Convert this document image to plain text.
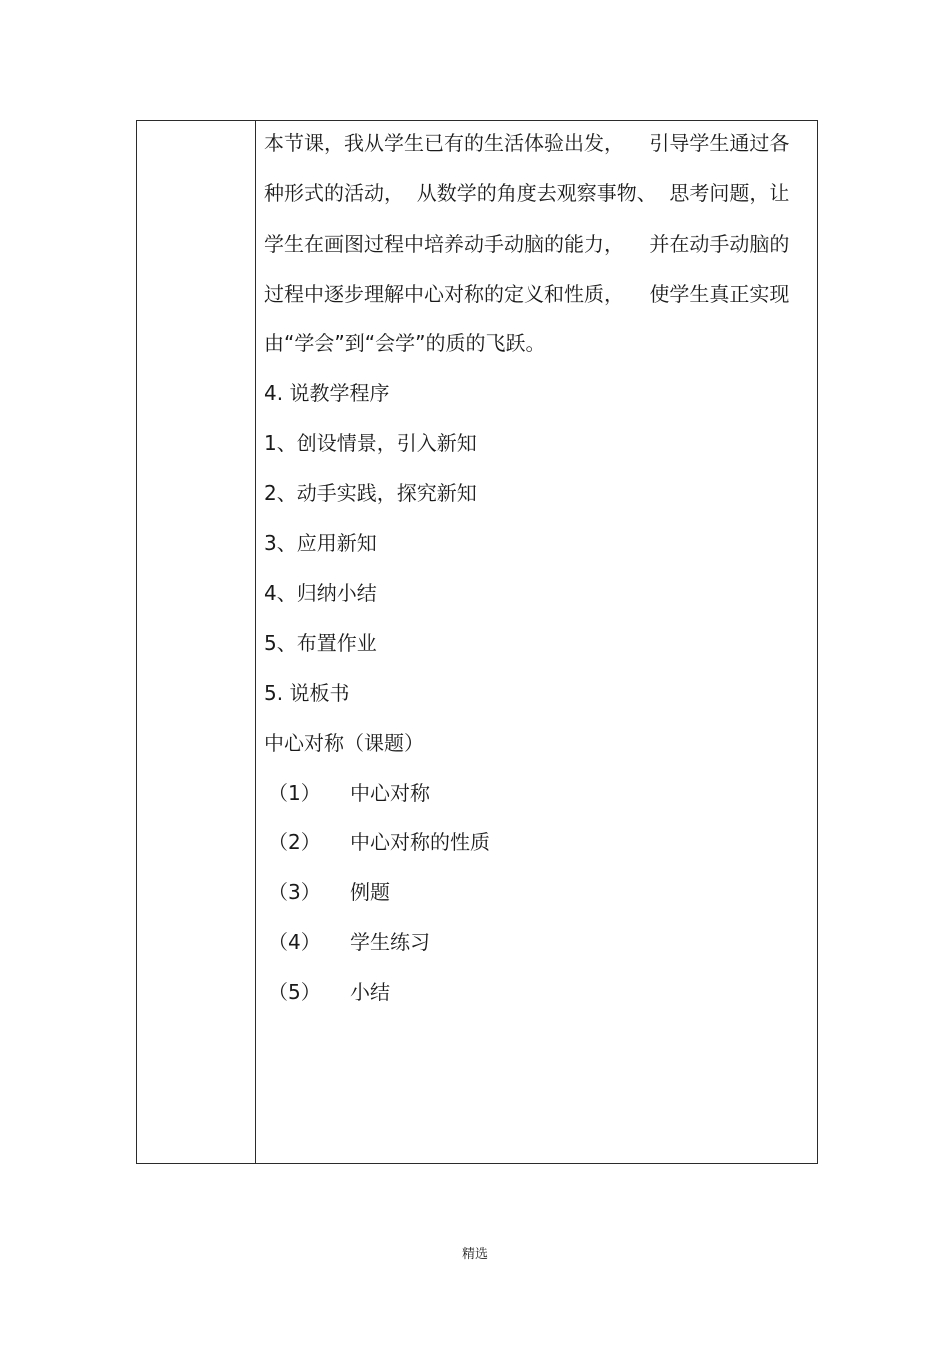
本节课，我从学生已有的生活体验出发，    引导学生通过各
种形式的活动，  从数学的角度去观察事物、  思考问题，让
学生在画图过程中培养动手动脑的能力，    并在动手动脑的
过程中逐步理解中心对称的定义和性质，    使学生真正实现
由“学会”到“会学”的质的飞跃。
4. 说教学程序
1、创设情景，引入新知
2、动手实践，探究新知
3、应用新知
4、归纳小结
5、布置作业
5. 说板书
中心对称（课题）
（1） 中心对称
（2） 中心对称的性质
（3） 例题
（4） 学生练习
（5） 小结
精选
